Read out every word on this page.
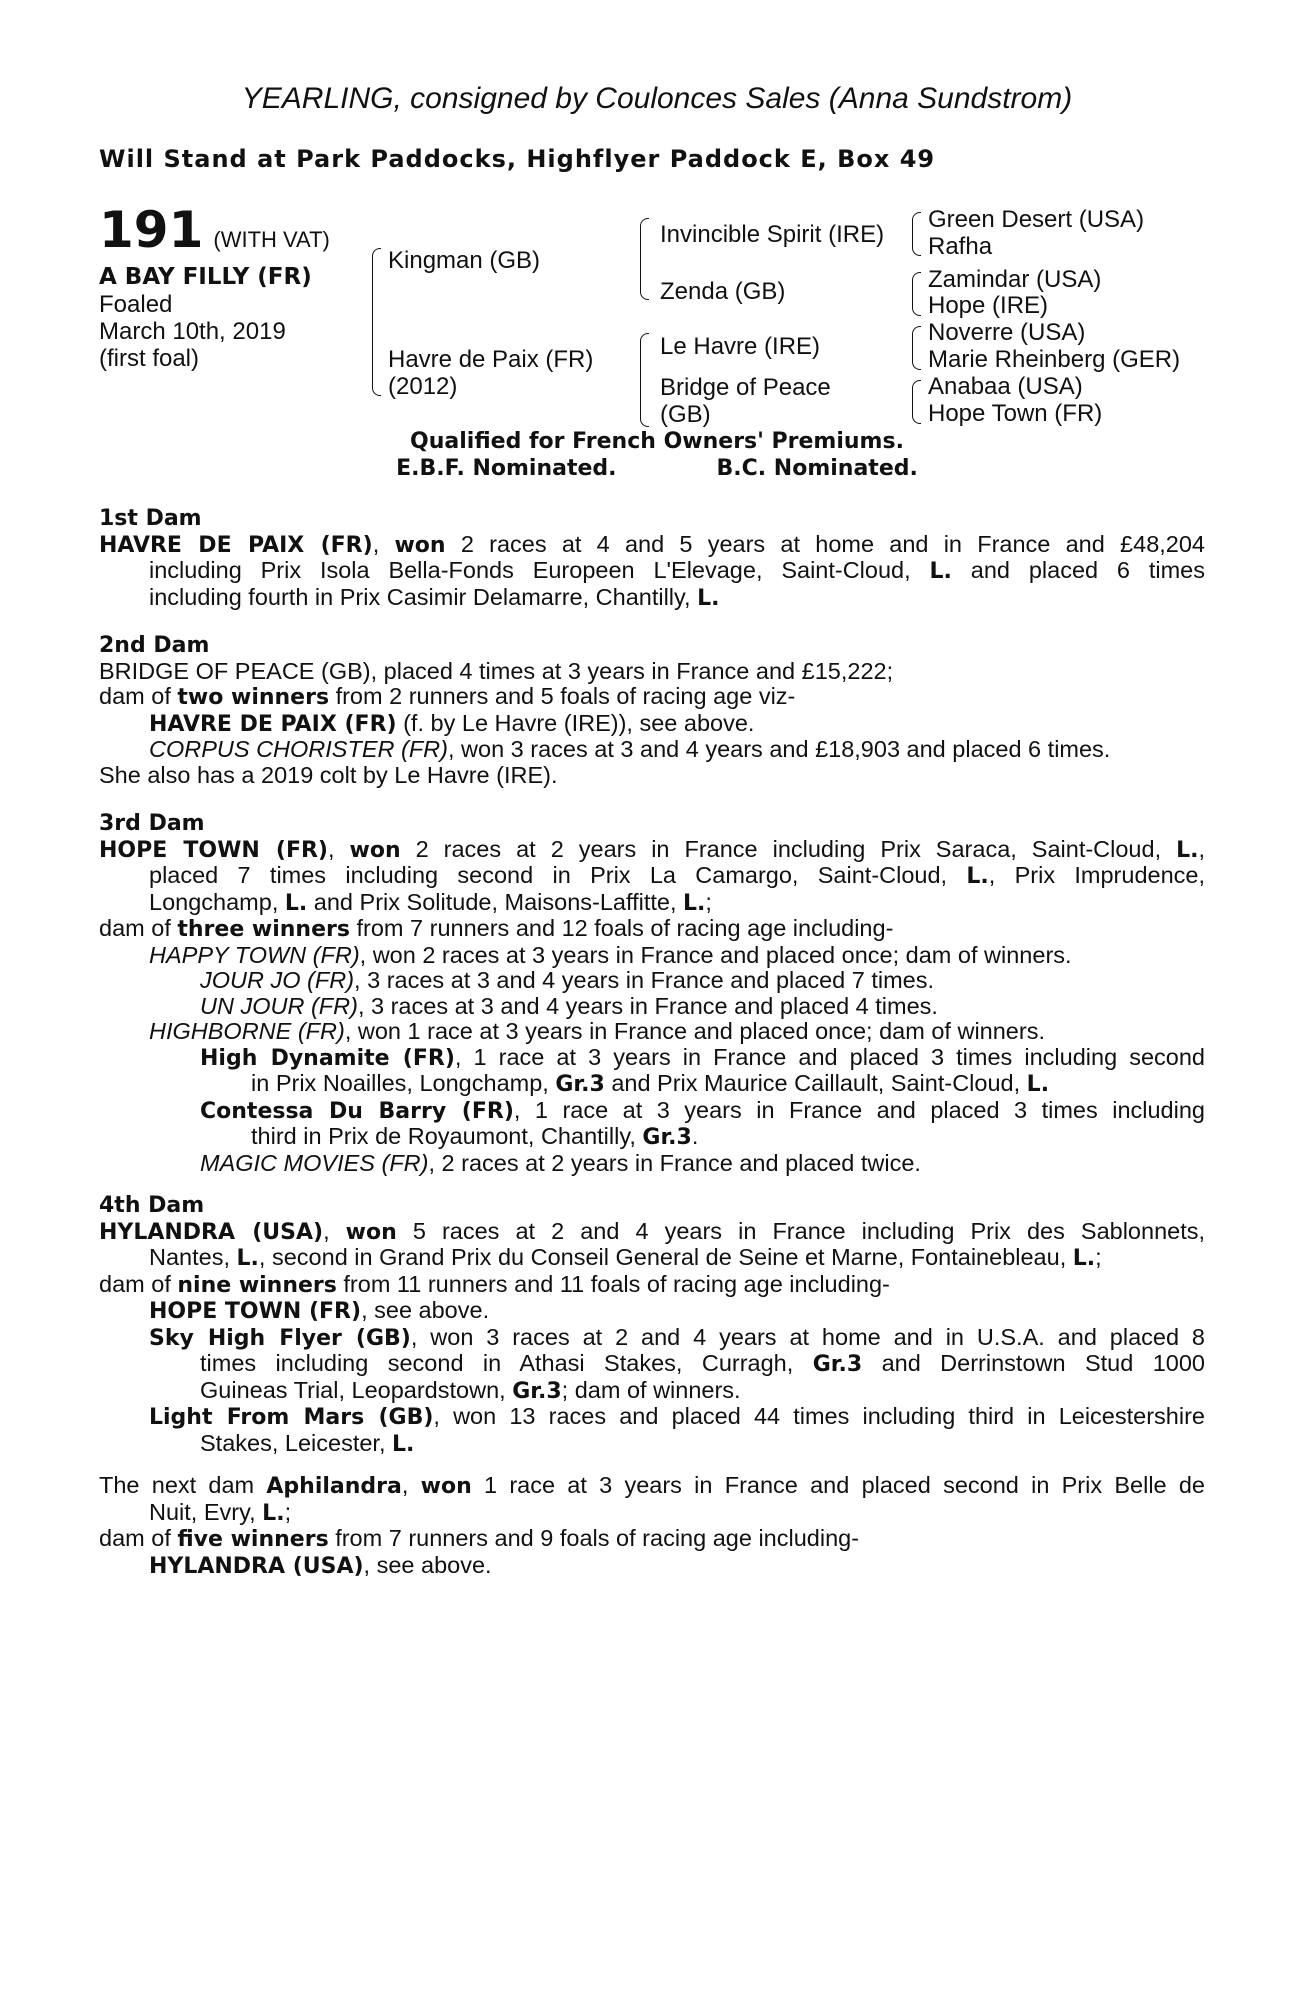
YEARLING, consigned by Coulonces Sales (Anna Sundstrom)
Will Stand at Park Paddocks, Highflyer Paddock E, Box 49
191 (WITH VAT)
A BAY FILLY (FR)
Foaled
March 10th, 2019
(first foal)
Kingman (GB)
Havre de Paix (FR)
(2012)
Invincible Spirit (IRE)
Zenda (GB)
Le Havre (IRE)
Bridge of Peace
(GB)
Green Desert (USA)
Rafha
Zamindar (USA)
Hope (IRE)
Noverre (USA)
Marie Rheinberg (GER)
Anabaa (USA)
Hope Town (FR)
Qualified for French Owners' Premiums.
E.B.F. Nominated.	B.C. Nominated.
1st Dam
HAVRE DE PAIX (FR), won 2 races at 4 and 5 years at home and in France and £48,204
including Prix Isola Bella-Fonds Europeen L'Elevage, Saint-Cloud, L. and placed 6 times
including fourth in Prix Casimir Delamarre, Chantilly, L.
2nd Dam
BRIDGE OF PEACE (GB), placed 4 times at 3 years in France and £15,222;
dam of two winners from 2 runners and 5 foals of racing age viz-
HAVRE DE PAIX (FR) (f. by Le Havre (IRE)), see above.
CORPUS CHORISTER (FR), won 3 races at 3 and 4 years and £18,903 and placed 6 times.
She also has a 2019 colt by Le Havre (IRE).
3rd Dam
HOPE TOWN (FR), won 2 races at 2 years in France including Prix Saraca, Saint-Cloud, L.,
placed 7 times including second in Prix La Camargo, Saint-Cloud, L., Prix Imprudence,
Longchamp, L. and Prix Solitude, Maisons-Laffitte, L.;
dam of three winners from 7 runners and 12 foals of racing age including-
HAPPY TOWN (FR), won 2 races at 3 years in France and placed once; dam of winners.
JOUR JO (FR), 3 races at 3 and 4 years in France and placed 7 times.
UN JOUR (FR), 3 races at 3 and 4 years in France and placed 4 times.
HIGHBORNE (FR), won 1 race at 3 years in France and placed once; dam of winners.
High Dynamite (FR), 1 race at 3 years in France and placed 3 times including second
in Prix Noailles, Longchamp, Gr.3 and Prix Maurice Caillault, Saint-Cloud, L.
Contessa Du Barry (FR), 1 race at 3 years in France and placed 3 times including
third in Prix de Royaumont, Chantilly, Gr.3.
MAGIC MOVIES (FR), 2 races at 2 years in France and placed twice.
4th Dam
HYLANDRA (USA), won 5 races at 2 and 4 years in France including Prix des Sablonnets,
Nantes, L., second in Grand Prix du Conseil General de Seine et Marne, Fontainebleau, L.;
dam of nine winners from 11 runners and 11 foals of racing age including-
HOPE TOWN (FR), see above.
Sky High Flyer (GB), won 3 races at 2 and 4 years at home and in U.S.A. and placed 8
times including second in Athasi Stakes, Curragh, Gr.3 and Derrinstown Stud 1000
Guineas Trial, Leopardstown, Gr.3; dam of winners.
Light From Mars (GB), won 13 races and placed 44 times including third in Leicestershire
Stakes, Leicester, L.
The next dam Aphilandra, won 1 race at 3 years in France and placed second in Prix Belle de
Nuit, Evry, L.;
dam of five winners from 7 runners and 9 foals of racing age including-
HYLANDRA (USA), see above.
